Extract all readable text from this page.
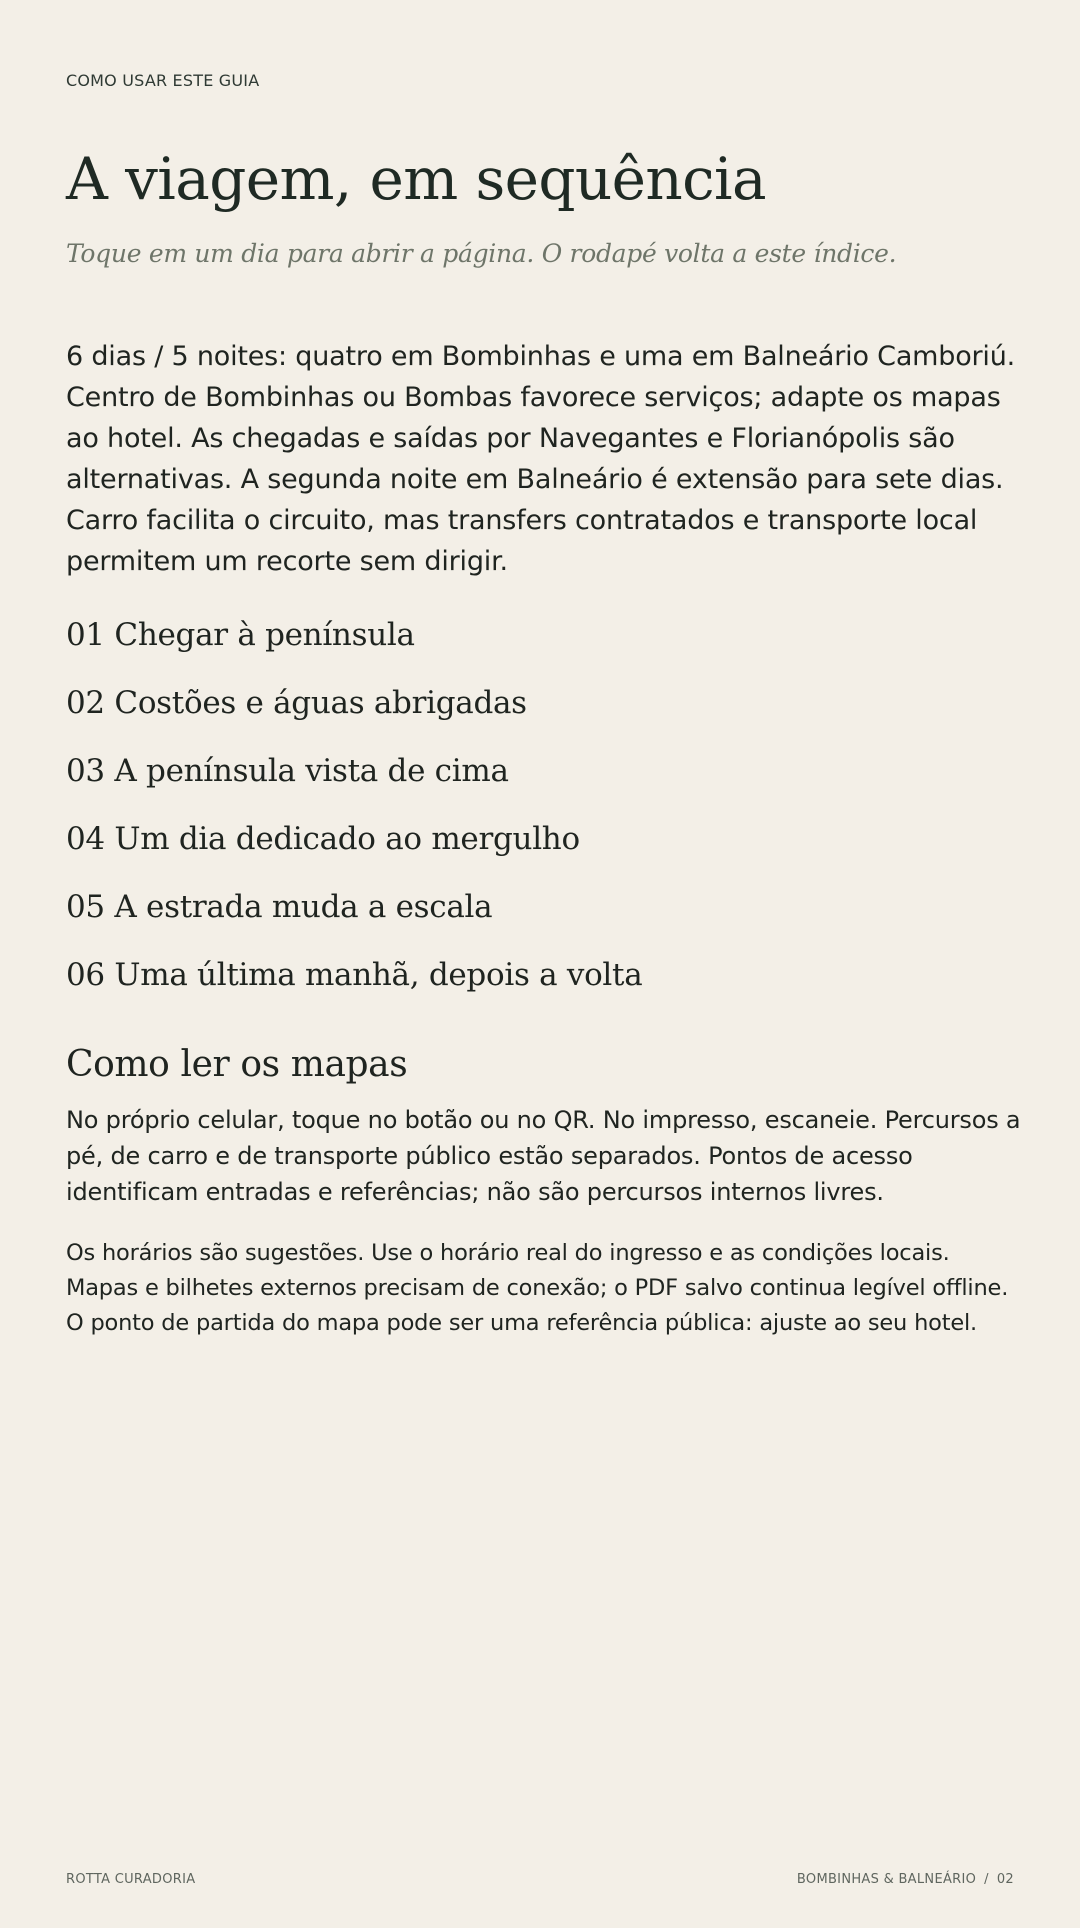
COMO USAR ESTE GUIA
A viagem, em sequência

Toque em um dia para abrir a página. O rodapé volta a este índice.

6 dias / 5 noites: quatro em Bombinhas e uma em Balneário Camboriú. Centro de Bombinhas ou Bombas favorece serviços; adapte os mapas ao hotel. As chegadas e saídas por Navegantes e Florianópolis são alternativas. A segunda noite em Balneário é extensão para sete dias. Carro facilita o circuito, mas transfers contratados e transporte local permitem um recorte sem dirigir.

01 Chegar à península
02 Costões e águas abrigadas
03 A península vista de cima
04 Um dia dedicado ao mergulho
05 A estrada muda a escala
06 Uma última manhã, depois a volta
Como ler os mapas

No próprio celular, toque no botão ou no QR. No impresso, escaneie. Percursos a pé, de carro e de transporte público estão separados. Pontos de acesso identificam entradas e referências; não são percursos internos livres.

Os horários são sugestões. Use o horário real do ingresso e as condições locais. Mapas e bilhetes externos precisam de conexão; o PDF salvo continua legível offline. O ponto de partida do mapa pode ser uma referência pública: ajuste ao seu hotel.

ROTTA CURADORIA	BOMBINHAS & BALNEÁRIO / 02
